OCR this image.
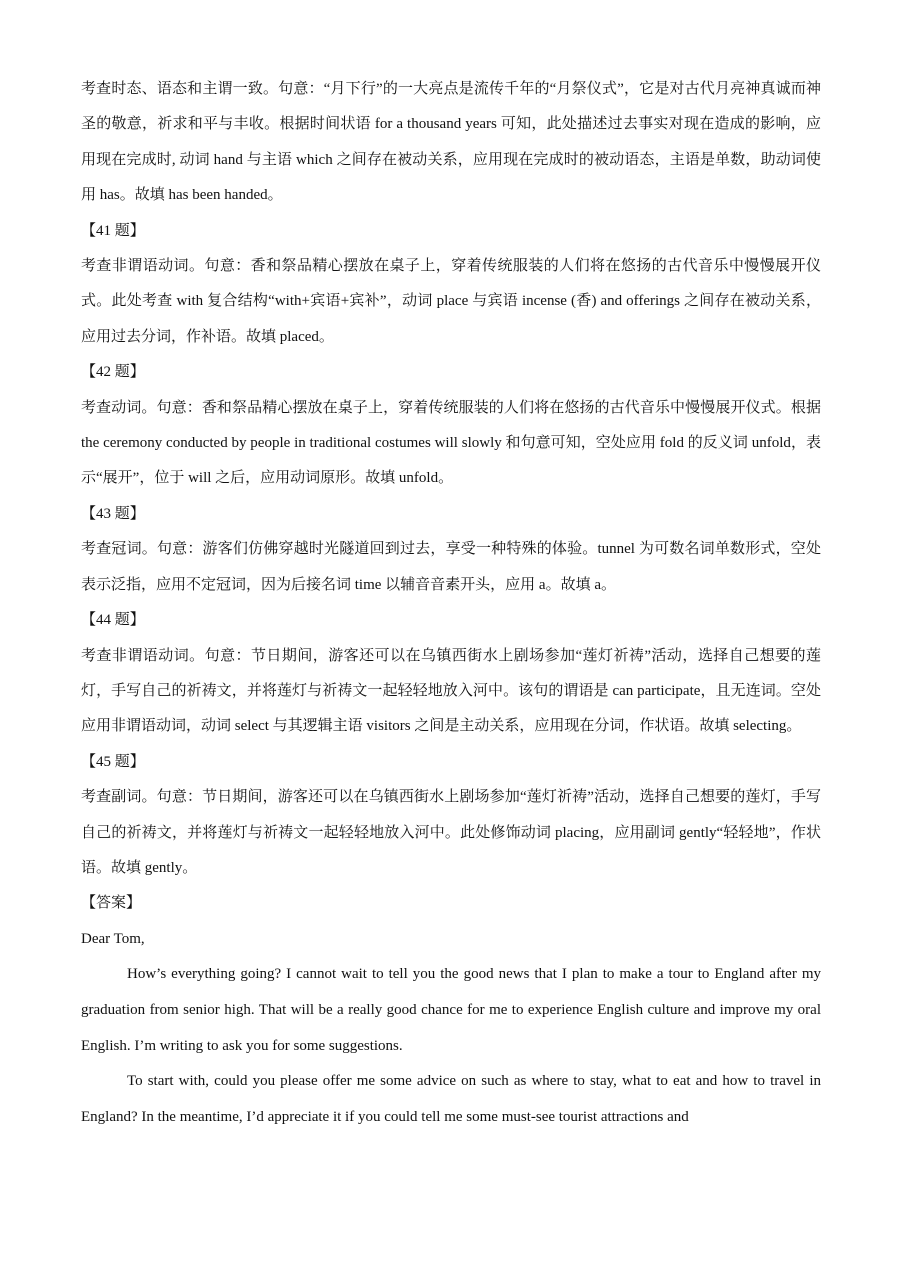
考查时态、语态和主谓一致。句意：“月下行”的一大亮点是流传千年的“月祭仪式”，它是对古代月亮神真诚而神圣的敬意，祈求和平与丰收。根据时间状语 for a thousand years 可知，此处描述过去事实对现在造成的影响，应用现在完成时, 动词 hand 与主语 which 之间存在被动关系，应用现在完成时的被动语态，主语是单数，助动词使用 has。故填 has been handed。

【41 题】

考查非谓语动词。句意：香和祭品精心摆放在桌子上，穿着传统服装的人们将在悠扬的古代音乐中慢慢展开仪式。此处考查 with 复合结构“with+宾语+宾补”，动词 place 与宾语 incense (香) and offerings 之间存在被动关系，应用过去分词，作补语。故填 placed。

【42 题】

考查动词。句意：香和祭品精心摆放在桌子上，穿着传统服装的人们将在悠扬的古代音乐中慢慢展开仪式。根据 the ceremony conducted by people in traditional costumes will slowly 和句意可知，空处应用 fold 的反义词 unfold，表示“展开”，位于 will 之后，应用动词原形。故填 unfold。

【43 题】

考查冠词。句意：游客们仿佛穿越时光隧道回到过去，享受一种特殊的体验。tunnel 为可数名词单数形式，空处表示泛指，应用不定冠词，因为后接名词 time 以辅音音素开头，应用 a。故填 a。

【44 题】

考查非谓语动词。句意：节日期间，游客还可以在乌镇西街水上剧场参加“莲灯祈祷”活动，选择自己想要的莲灯，手写自己的祈祷文，并将莲灯与祈祷文一起轻轻地放入河中。该句的谓语是 can participate，且无连词。空处应用非谓语动词，动词 select 与其逻辑主语 visitors 之间是主动关系，应用现在分词，作状语。故填 selecting。

【45 题】

考查副词。句意：节日期间，游客还可以在乌镇西街水上剧场参加“莲灯祈祷”活动，选择自己想要的莲灯，手写自己的祈祷文，并将莲灯与祈祷文一起轻轻地放入河中。此处修饰动词 placing，应用副词 gently“轻轻地”，作状语。故填 gently。

【答案】

Dear Tom,

How’s everything going? I cannot wait to tell you the good news that I plan to make a tour to England after my graduation from senior high. That will be a really good chance for me to experience English culture and improve my oral English. I’m writing to ask you for some suggestions.

To start with, could you please offer me some advice on such as where to stay, what to eat and how to travel in England? In the meantime, I’d appreciate it if you could tell me some must-see tourist attractions and
